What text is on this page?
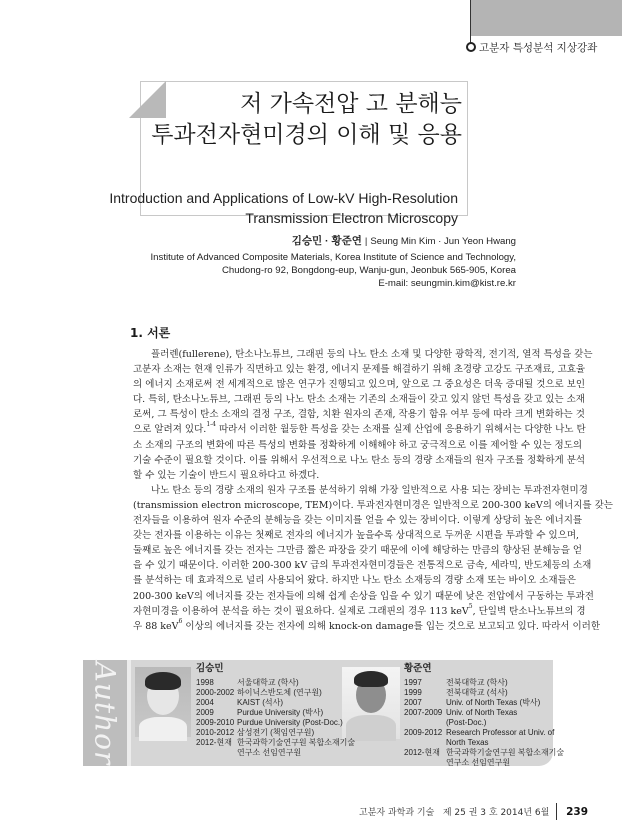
고분자 특성분석 지상강좌
저 가속전압 고 분해능
투과전자현미경의 이해 및 응용
Introduction and Applications of Low-kV High-Resolution
Transmission Electron Microscopy
김승민 · 황준연 | Seung Min Kim · Jun Yeon Hwang
Institute of Advanced Composite Materials, Korea Institute of Science and Technology,
Chudong-ro 92, Bongdong-eup, Wanju-gun, Jeonbuk 565-905, Korea
E-mail: seungmin.kim@kist.re.kr
1. 서론
플러렌(fullerene), 탄소나노튜브, 그래핀 등의 나노 탄소 소재 및 다양한 광학적, 전기적, 열적 특성을 갖는
고분자 소재는 현재 인류가 직면하고 있는 환경, 에너지 문제를 해결하기 위해 초경량 고강도 구조재료, 고효율
의 에너지 소재로써 전 세계적으로 많은 연구가 진행되고 있으며, 앞으로 그 중요성은 더욱 증대될 것으로 보인
다. 특히, 탄소나노튜브, 그래핀 등의 나노 탄소 소재는 기존의 소재들이 갖고 있지 않던 특성을 갖고 있는 소재
로써, 그 특성이 탄소 소재의 결정 구조, 결함, 치환 원자의 존재, 작용기 함유 여부 등에 따라 크게 변화하는 것
으로 알려져 있다.$^{1-4}$ 따라서 이러한 월등한 특성을 갖는 소재를 실제 산업에 응용하기 위해서는 다양한 나노 탄
소 소재의 구조의 변화에 따른 특성의 변화를 정확하게 이해해야 하고 궁극적으로 이를 제어할 수 있는 정도의
기술 수준이 필요할 것이다. 이를 위해서 우선적으로 나노 탄소 등의 경량 소재들의 원자 구조를 정확하게 분석
할 수 있는 기술이 반드시 필요하다고 하겠다.
나노 탄소 등의 경량 소재의 원자 구조를 분석하기 위해 가장 일반적으로 사용 되는 장비는 투과전자현미경
(transmission electron microscope, TEM)이다. 투과전자현미경은 일반적으로 200-300 keV의 에너지를 갖는
전자들을 이용하여 원자 수준의 분해능을 갖는 이미지를 얻을 수 있는 장비이다. 이렇게 상당히 높은 에너지를
갖는 전자를 이용하는 이유는 첫째로 전자의 에너지가 높을수록 상대적으로 두꺼운 시편을 투과할 수 있으며,
둘째로 높은 에너지를 갖는 전자는 그만큼 짧은 파장을 갖기 때문에 이에 해당하는 만큼의 향상된 분해능을 얻
을 수 있기 때문이다. 이러한 200-300 kV 급의 투과전자현미경들은 전통적으로 금속, 세라믹, 반도체등의 소재
를 분석하는 데 효과적으로 널리 사용되어 왔다. 하지만 나노 탄소 소재등의 경량 소재 또는 바이오 소재들은
200-300 keV의 에너지를 갖는 전자들에 의해 쉽게 손상을 입을 수 있기 때문에 낮은 전압에서 구동하는 투과전
자현미경을 이용하여 분석을 하는 것이 필요하다. 실제로 그래핀의 경우 113 keV$^5$, 단일벽 탄소나노튜브의 경
우 88 keV$^6$ 이상의 에너지를 갖는 전자에 의해 knock-on damage를 입는 것으로 보고되고 있다. 따라서 이러한
Author	김승민
1998	서울대학교 (학사)
2000-2002	하이닉스반도체 (연구원)
2004	KAIST (석사)
2009	Purdue University (박사)
2009-2010	Purdue University (Post-Doc.)
2010-2012	삼성전기 (책임연구원)
2012-현재	한국과학기술연구원 복합소재기술
	연구소 선임연구원
황준연
1997	전북대학교 (학사)
1999	전북대학교 (석사)
2007	Univ. of North Texas (박사)
2007-2009	Univ. of North Texas
	(Post-Doc.)
2009-2012	Research Professor at Univ. of
	North Texas
2012-현재	한국과학기술연구원 복합소재기술
	연구소 선임연구원
고분자 과학과 기술 제 25 권 3 호 2014년 6월 239
